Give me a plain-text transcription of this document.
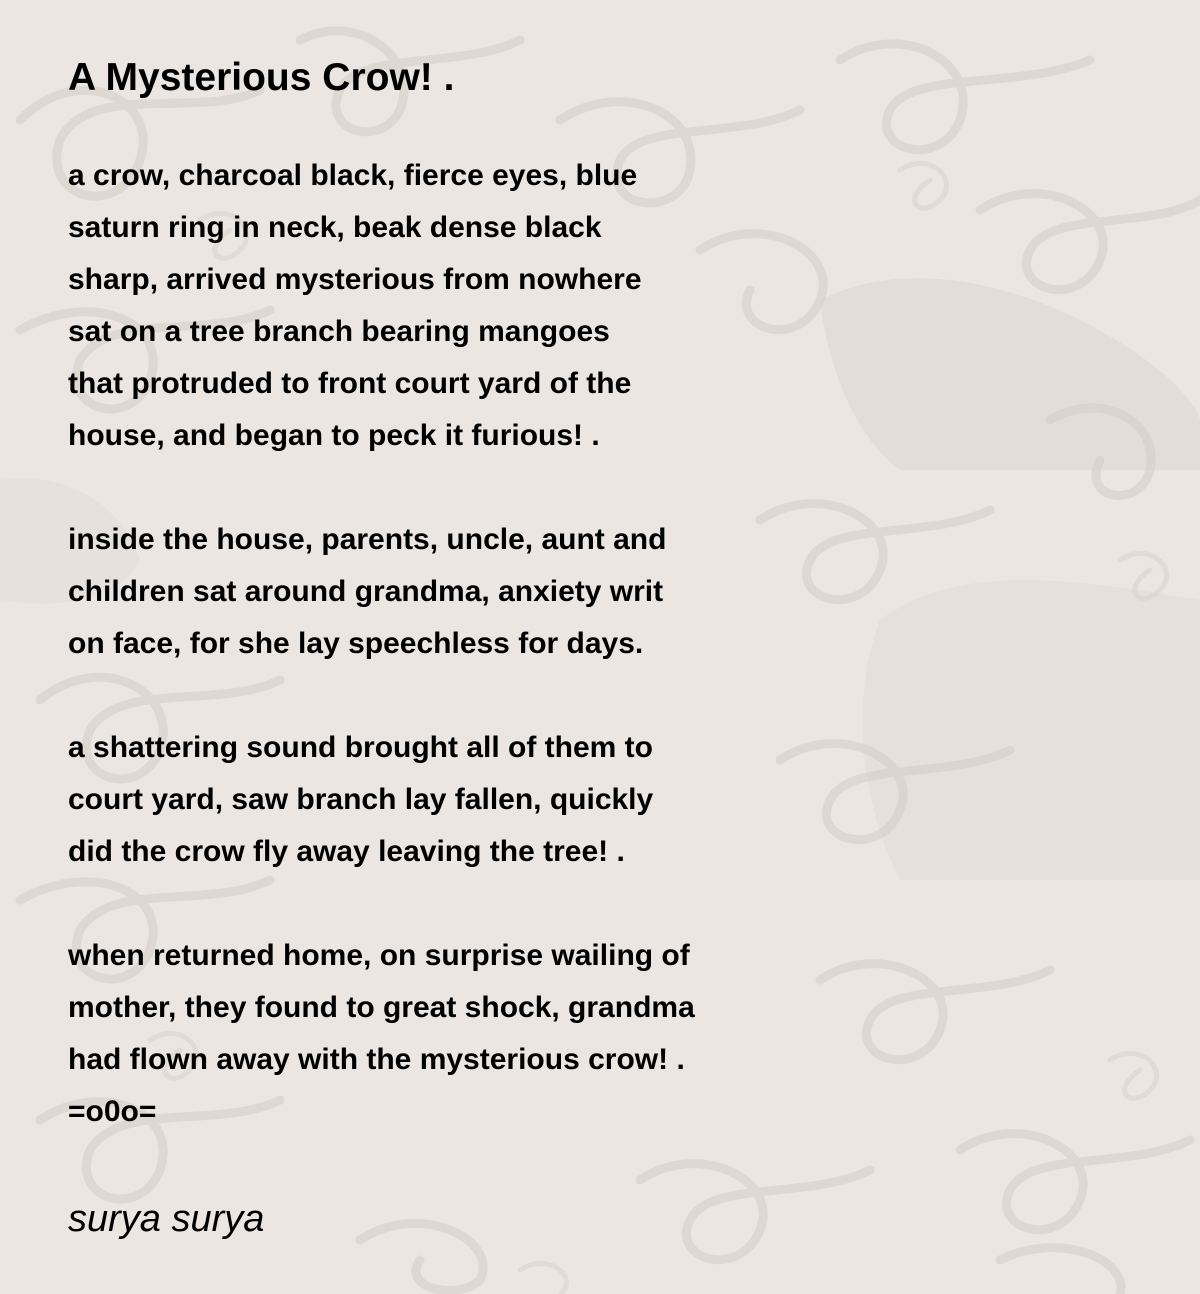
A Mysterious Crow! .
a crow, charcoal black, fierce eyes, blue
saturn ring in neck, beak dense black
sharp, arrived mysterious from nowhere
sat on a tree branch bearing mangoes
that protruded to front court yard of the
house, and began to peck it furious! .
inside the house, parents, uncle, aunt and
children sat around grandma, anxiety writ
on face, for she lay speechless for days.
a shattering sound brought all of them to
court yard, saw branch lay fallen, quickly
did the crow fly away leaving the tree! .
when returned home, on surprise wailing of
mother, they found to great shock, grandma
had flown away with the mysterious crow! .
=o0o=

surya surya
